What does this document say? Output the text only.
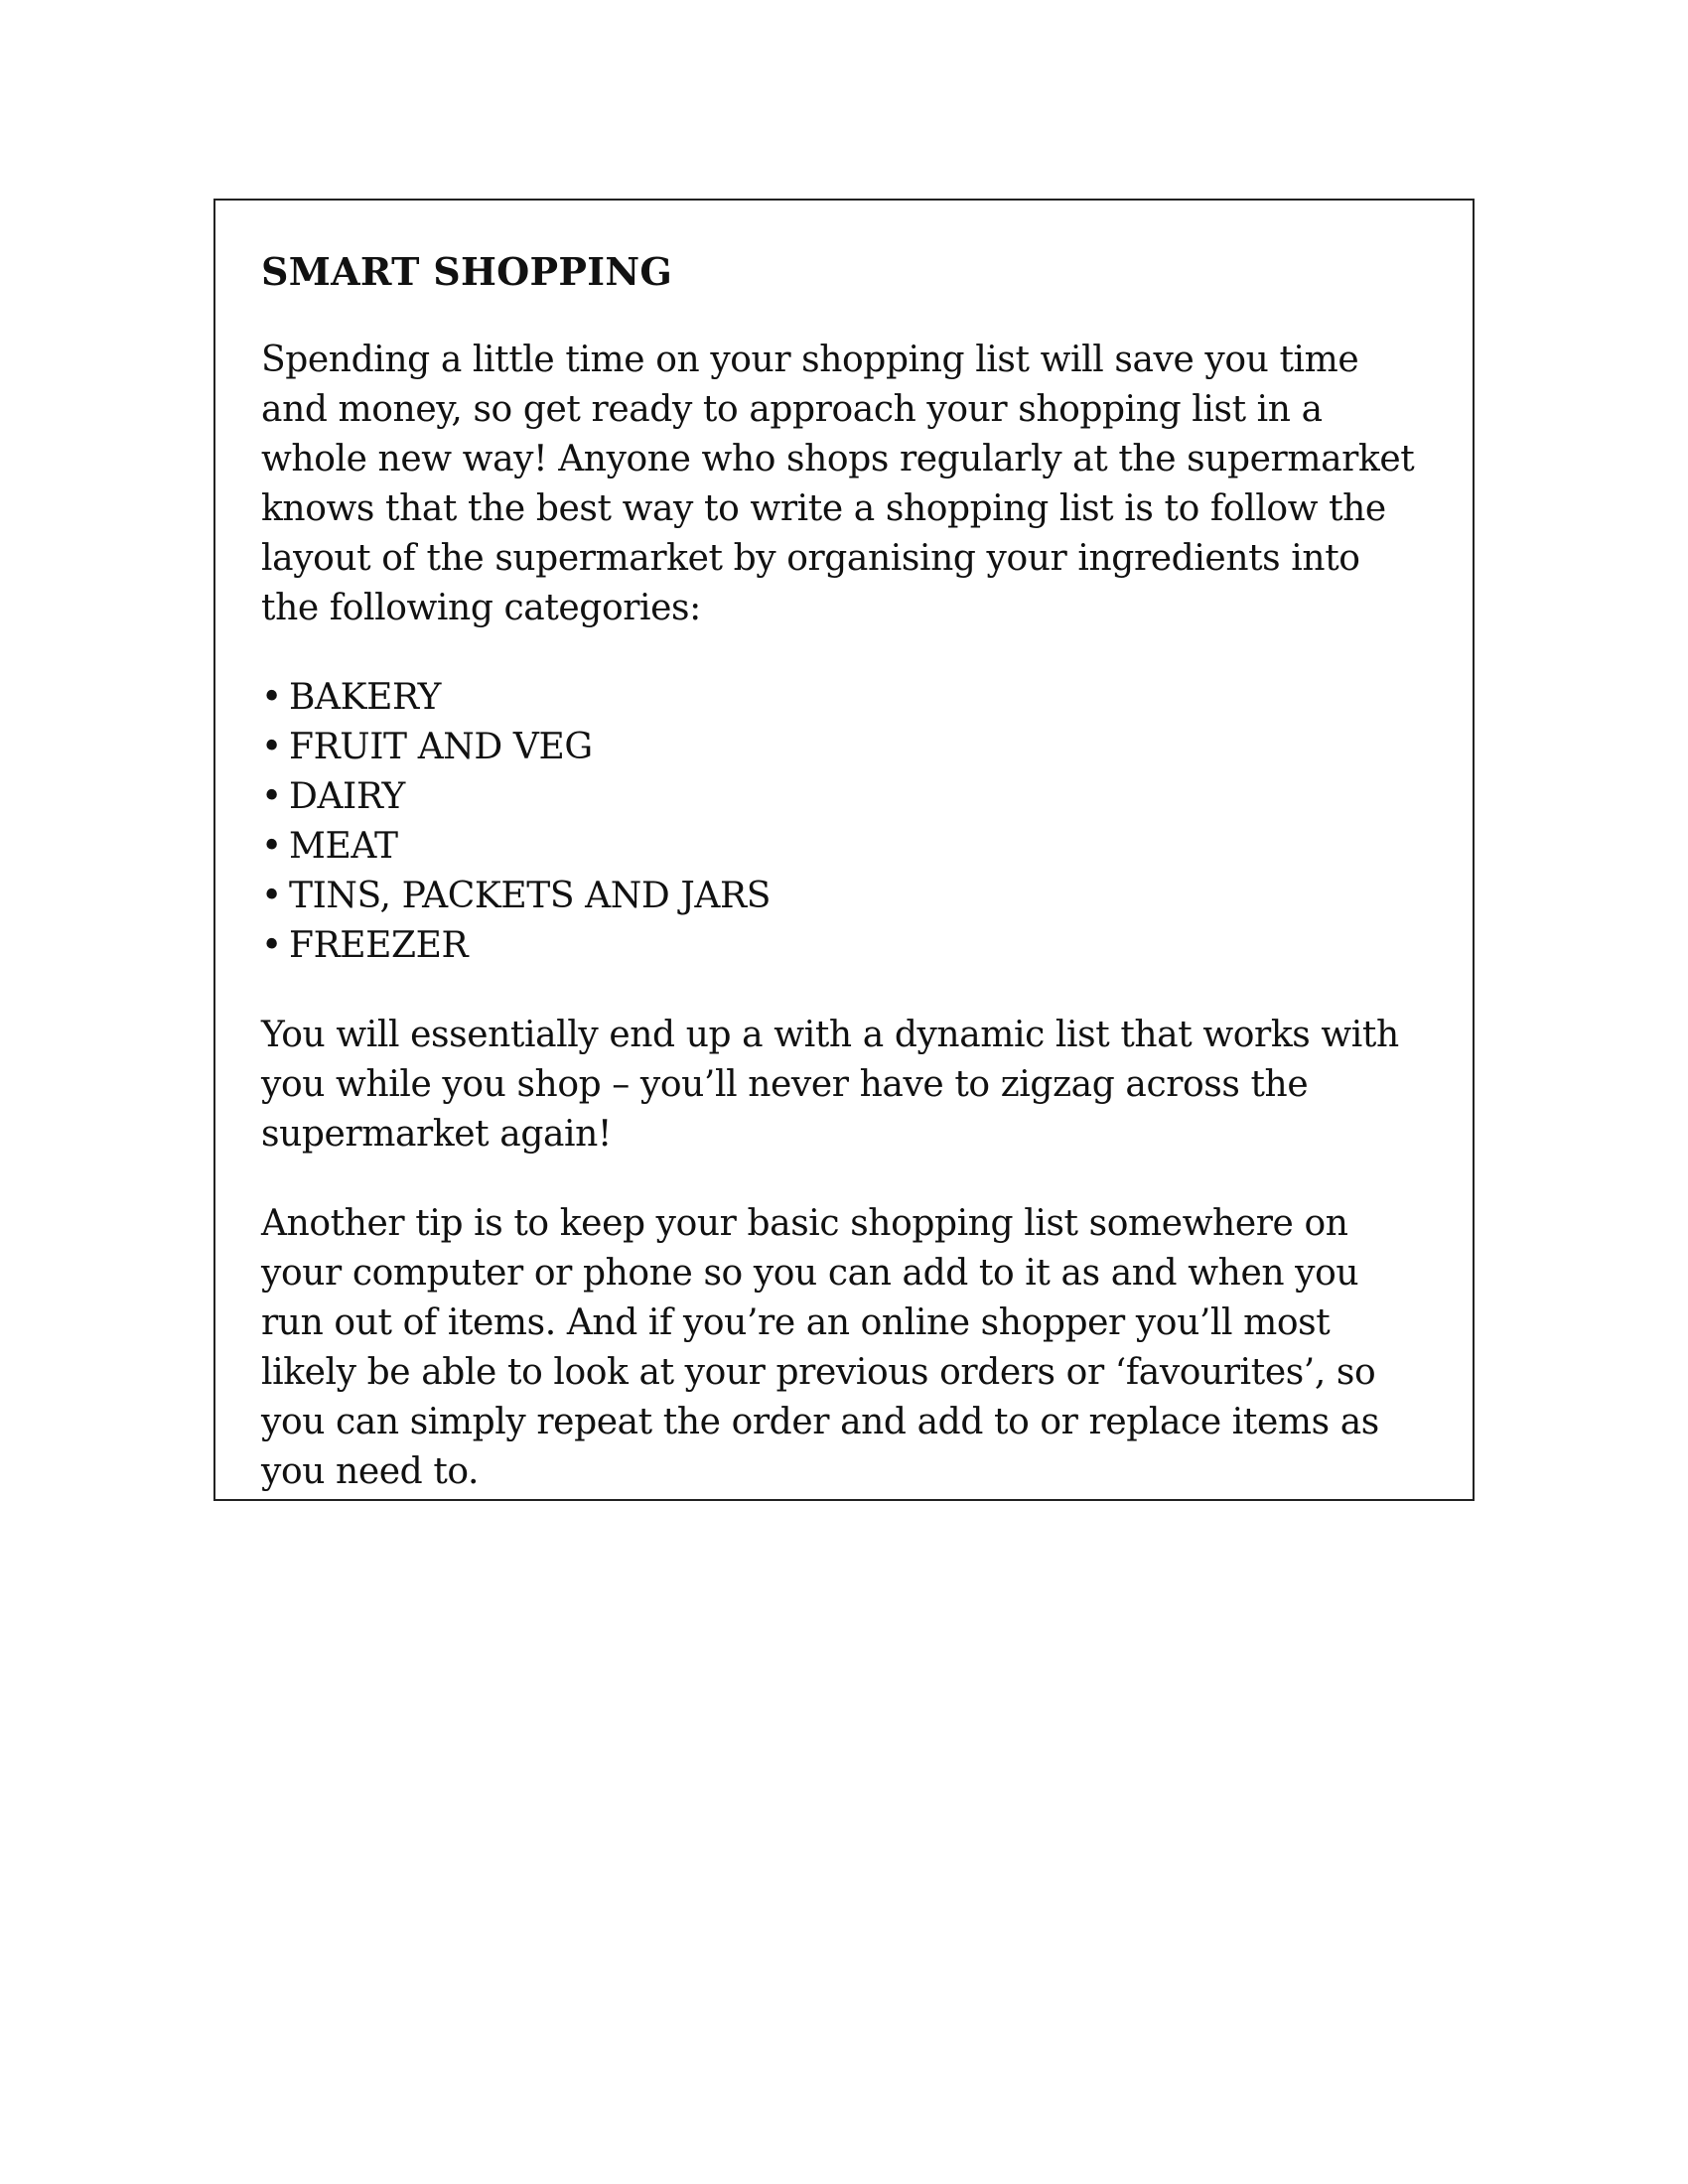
SMART SHOPPING

Spending a little time on your shopping list will save you time and money, so get ready to approach your shopping list in a whole new way! Anyone who shops regularly at the supermarket knows that the best way to write a shopping list is to follow the layout of the supermarket by organising your ingredients into the following categories:

• BAKERY
• FRUIT AND VEG
• DAIRY
• MEAT
• TINS, PACKETS AND JARS
• FREEZER

You will essentially end up a with a dynamic list that works with you while you shop – you’ll never have to zigzag across the supermarket again!

Another tip is to keep your basic shopping list somewhere on your computer or phone so you can add to it as and when you run out of items. And if you’re an online shopper you’ll most likely be able to look at your previous orders or ‘favourites’, so you can simply repeat the order and add to or replace items as you need to.
